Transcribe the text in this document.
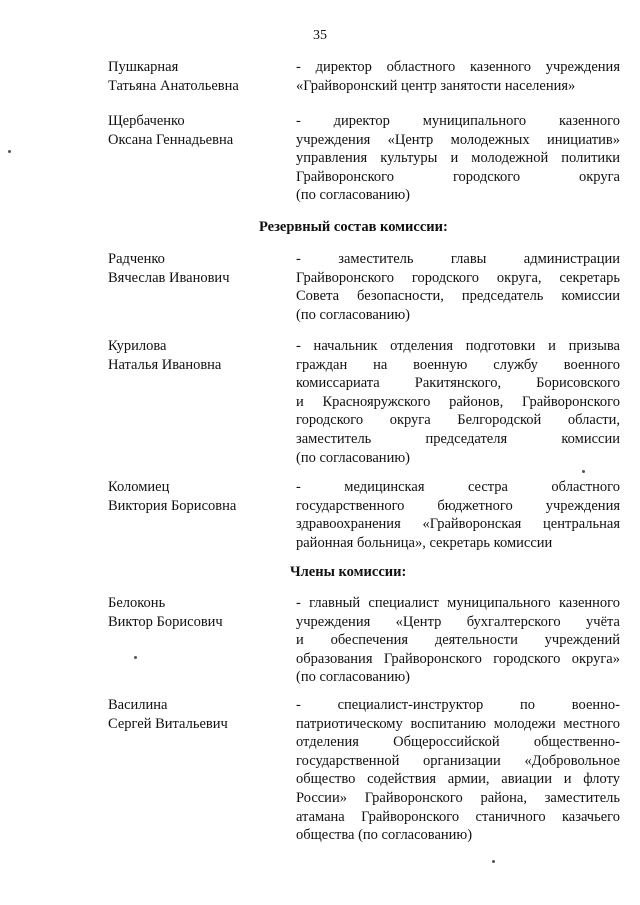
35
Пушкарная
Татьяна Анатольевна
- директор областного казенного учреждения
«Грайворонский центр занятости населения»
Щербаченко
Оксана Геннадьевна
- директор муниципального казенного
учреждения «Центр молодежных инициатив»
управления культуры и молодежной политики
Грайворонского городского округа
(по согласованию)
Резервный состав комиссии:
Радченко
Вячеслав Иванович
- заместитель главы администрации
Грайворонского городского округа, секретарь
Совета безопасности, председатель комиссии
(по согласованию)
Курилова
Наталья Ивановна
- начальник отделения подготовки и призыва
граждан на военную службу военного
комиссариата Ракитянского, Борисовского
и Краснояружского районов, Грайворонского
городского округа Белгородской области,
заместитель председателя комиссии
(по согласованию)
Коломиец
Виктория Борисовна
- медицинская сестра областного
государственного бюджетного учреждения
здравоохранения «Грайворонская центральная
районная больница», секретарь комиссии
Члены комиссии:
Белоконь
Виктор Борисович
- главный специалист муниципального казенного
учреждения «Центр бухгалтерского учёта
и обеспечения деятельности учреждений
образования Грайворонского городского округа»
(по согласованию)
Василина
Сергей Витальевич
- специалист-инструктор по военно-
патриотическому воспитанию молодежи местного
отделения Общероссийской общественно-
государственной организации «Добровольное
общество содействия армии, авиации и флоту
России» Грайворонского района, заместитель
атамана Грайворонского станичного казачьего
общества (по согласованию)
